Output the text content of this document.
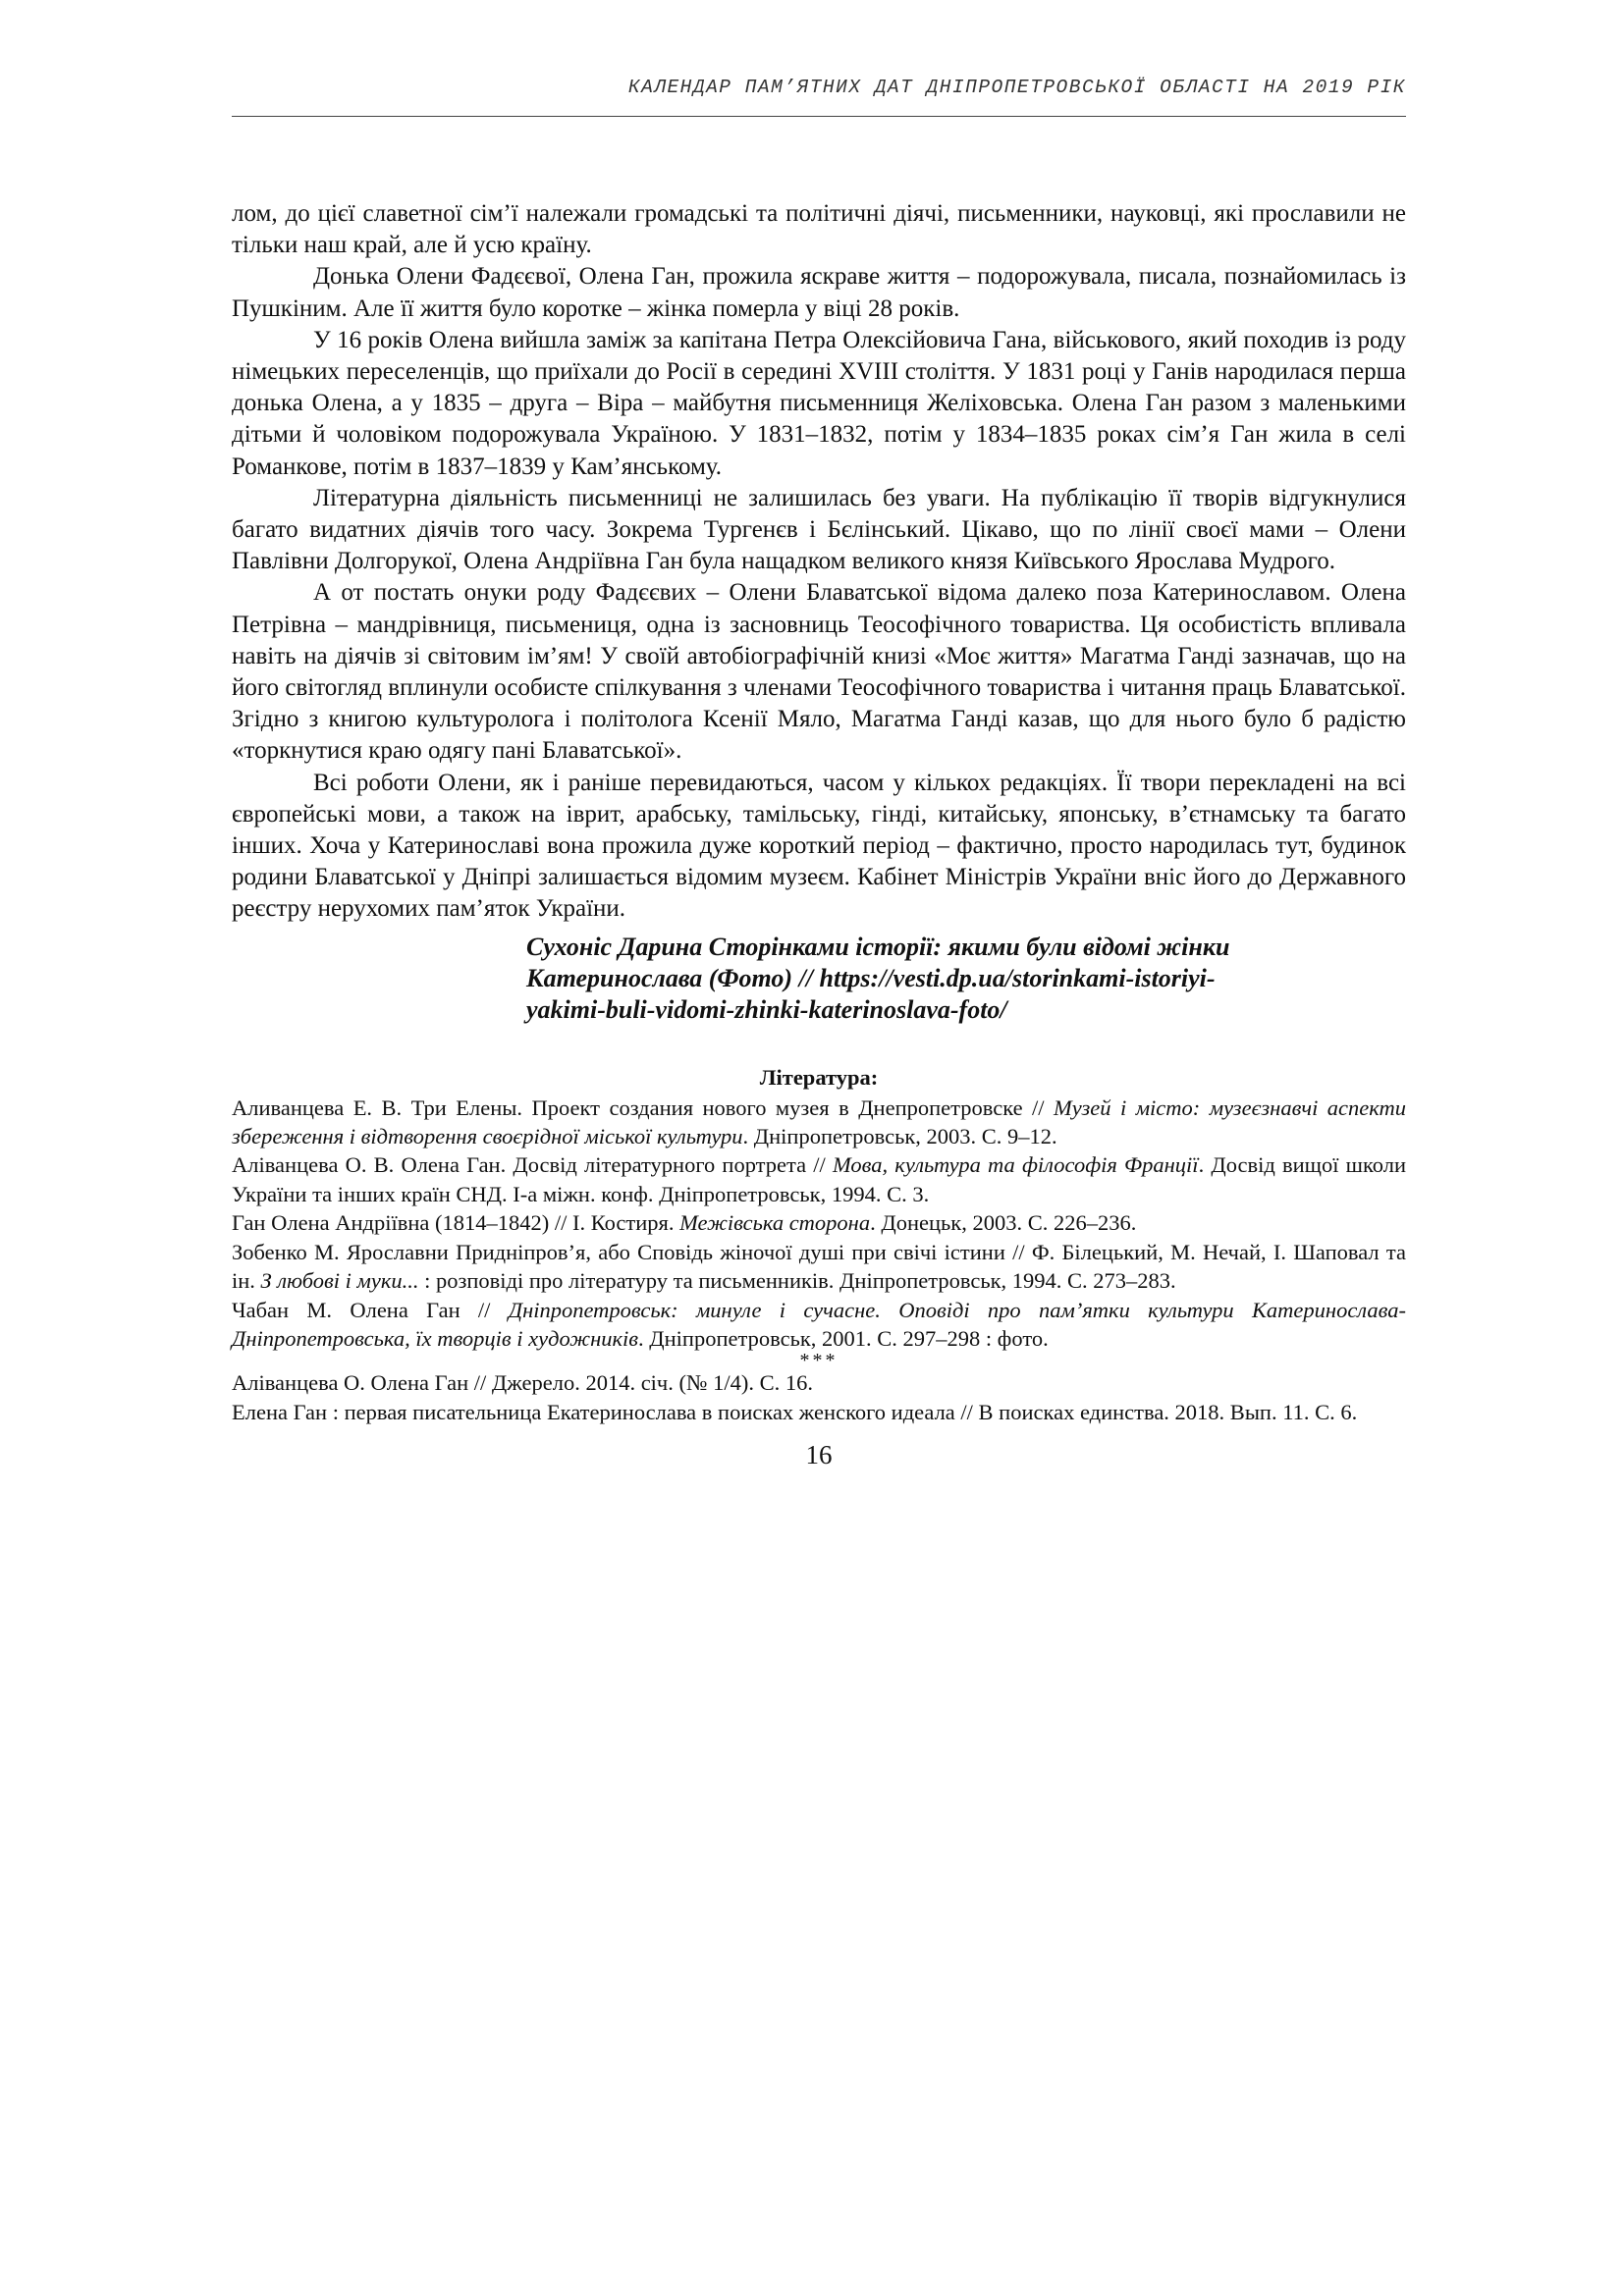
КАЛЕНДАР ПАМ’ЯТНИХ ДАТ ДНІПРОПЕТРОВСЬКОЇ ОБЛАСТІ НА 2019 РІК

лом, до цієї славетної сім’ї належали громадські та політичні діячі, письменники, науковці, які прославили не тільки наш край, але й усю країну.

Донька Олени Фадєєвої, Олена Ган, прожила яскраве життя – подорожувала, писала, познайомилась із Пушкіним. Але її життя було коротке – жінка померла у віці 28 років.

У 16 років Олена вийшла заміж за капітана Петра Олексійовича Гана, військового, який походив із роду німецьких переселенців, що приїхали до Росії в середині XVIII століття. У 1831 році у Ганів народилася перша донька Олена, а у 1835 – друга – Віра – майбутня письменниця Желіховська. Олена Ган разом з маленькими дітьми й чоловіком подорожувала Україною. У 1831–1832, потім у 1834–1835 роках сім’я Ган жила в селі Романкове, потім в 1837–1839 у Кам’янському.

Літературна діяльність письменниці не залишилась без уваги. На публікацію її творів відгукнулися багато видатних діячів того часу. Зокрема Тургенєв і Бєлінський. Цікаво, що по лінії своєї мами – Олени Павлівни Долгорукої, Олена Андріївна Ган була нащадком великого князя Київського Ярослава Мудрого.

А от постать онуки роду Фадєєвих – Олени Блаватської відома далеко поза Катеринославом. Олена Петрівна – мандрівниця, письмениця, одна із засновниць Теософічного товариства. Ця особистість впливала навіть на діячів зі світовим ім’ям! У своїй автобіографічній книзі «Моє життя» Магатма Ганді зазначав, що на його світогляд вплинули особисте спілкування з членами Теософічного товариства і читання праць Блаватської. Згідно з книгою культуролога і політолога Ксенії Мяло, Магатма Ганді казав, що для нього було б радістю «торкнутися краю одягу пані Блаватської».

Всі роботи Олени, як і раніше перевидаються, часом у кількох редакціях. Її твори перекладені на всі європейські мови, а також на іврит, арабську, тамільську, гінді, китайську, японську, в’єтнамську та багато інших. Хоча у Катеринославі вона прожила дуже короткий період – фактично, просто народилась тут, будинок родини Блаватської у Дніпрі залишається відомим музеєм. Кабінет Міністрів України вніс його до Державного реєстру нерухомих пам’яток України.

Сухоніс Дарина Сторінками історії: якими були відомі жінки
Катеринослава (Фото) // https://vesti.dp.ua/storinkami-istoriyi-
yakimi-buli-vidomi-zhinki-katerinoslava-foto/
Література:

Аливанцева Е. В. Три Елены. Проект создания нового музея в Днепропетровске // Музей і місто: музеєзнавчі аспекти збереження і відтворення своєрідної міської культури. Дніпропетровськ, 2003. С. 9–12.

Аліванцева О. В. Олена Ган. Досвід літературного портрета // Мова, культура та філософія Франції. Досвід вищої школи України та інших країн СНД. І-а міжн. конф. Дніпропетровськ, 1994. С. 3.

Ган Олена Андріївна (1814–1842) // І. Костиря. Межівська сторона. Донецьк, 2003. С. 226–236.

Зобенко М. Ярославни Придніпров’я, або Сповідь жіночої душі при свічі істини // Ф. Білецький, М. Нечай, І. Шаповал та ін. З любові і муки... : розповіді про літературу та письменників. Дніпропетровськ, 1994. С. 273–283.

Чабан М. Олена Ган // Дніпропетровськ: минуле і сучасне. Оповіді про пам’ятки культури Катеринослава-Дніпропетровська, їх творців і художників. Дніпропетровськ, 2001. С. 297–298 : фото.

***

Аліванцева О. Олена Ган // Джерело. 2014. січ. (№ 1/4). С. 16.

Елена Ган : первая писательница Екатеринослава в поисках женского идеала // В поисках единства. 2018. Вып. 11. С. 6.

16
